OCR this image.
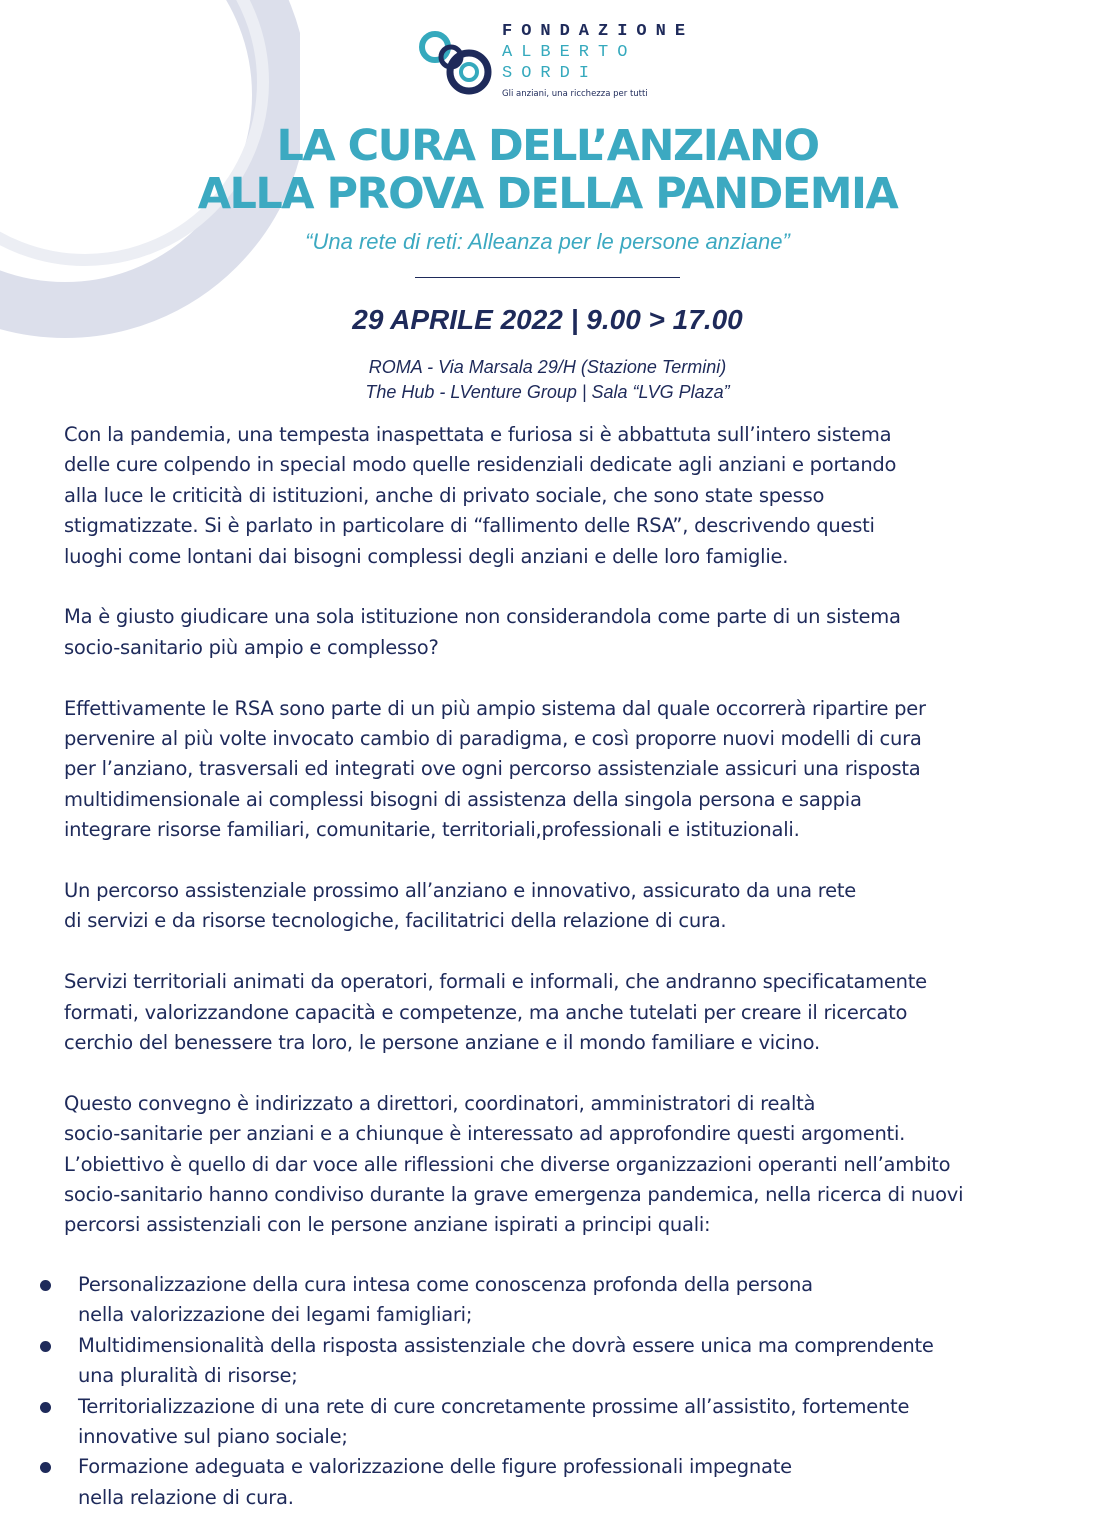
FONDAZIONE
ALBERTO
SORDI
Gli anziani, una ricchezza per tutti
LA CURA DELL’ANZIANO
ALLA PROVA DELLA PANDEMIA
“Una rete di reti: Alleanza per le persone anziane”
29 APRILE 2022 | 9.00 > 17.00
ROMA - Via Marsala 29/H (Stazione Termini)
The Hub - LVenture Group | Sala “LVG Plaza”

Con la pandemia, una tempesta inaspettata e furiosa si è abbattuta sull’intero sistema
delle cure colpendo in special modo quelle residenziali dedicate agli anziani e portando
alla luce le criticità di istituzioni, anche di privato sociale, che sono state spesso
stigmatizzate. Si è parlato in particolare di “fallimento delle RSA”, descrivendo questi
luoghi come lontani dai bisogni complessi degli anziani e delle loro famiglie.

Ma è giusto giudicare una sola istituzione non considerandola come parte di un sistema
socio-sanitario più ampio e complesso?

Effettivamente le RSA sono parte di un più ampio sistema dal quale occorrerà ripartire per
pervenire al più volte invocato cambio di paradigma, e così proporre nuovi modelli di cura
per l’anziano, trasversali ed integrati ove ogni percorso assistenziale assicuri una risposta
multidimensionale ai complessi bisogni di assistenza della singola persona e sappia
integrare risorse familiari, comunitarie, territoriali,professionali e istituzionali.

Un percorso assistenziale prossimo all’anziano e innovativo, assicurato da una rete
di servizi e da risorse tecnologiche, facilitatrici della relazione di cura.

Servizi territoriali animati da operatori, formali e informali, che andranno specificatamente
formati, valorizzandone capacità e competenze, ma anche tutelati per creare il ricercato
cerchio del benessere tra loro, le persone anziane e il mondo familiare e vicino.

Questo convegno è indirizzato a direttori, coordinatori, amministratori di realtà
socio-sanitarie per anziani e a chiunque è interessato ad approfondire questi argomenti.
L’obiettivo è quello di dar voce alle riflessioni che diverse organizzazioni operanti nell’ambito
socio-sanitario hanno condiviso durante la grave emergenza pandemica, nella ricerca di nuovi
percorsi assistenziali con le persone anziane ispirati a principi quali:

Personalizzazione della cura intesa come conoscenza profonda della persona
nella valorizzazione dei legami famigliari;
Multidimensionalità della risposta assistenziale che dovrà essere unica ma comprendente
una pluralità di risorse;
Territorializzazione di una rete di cure concretamente prossime all’assistito, fortemente
innovative sul piano sociale;
Formazione adeguata e valorizzazione delle figure professionali impegnate
nella relazione di cura.
